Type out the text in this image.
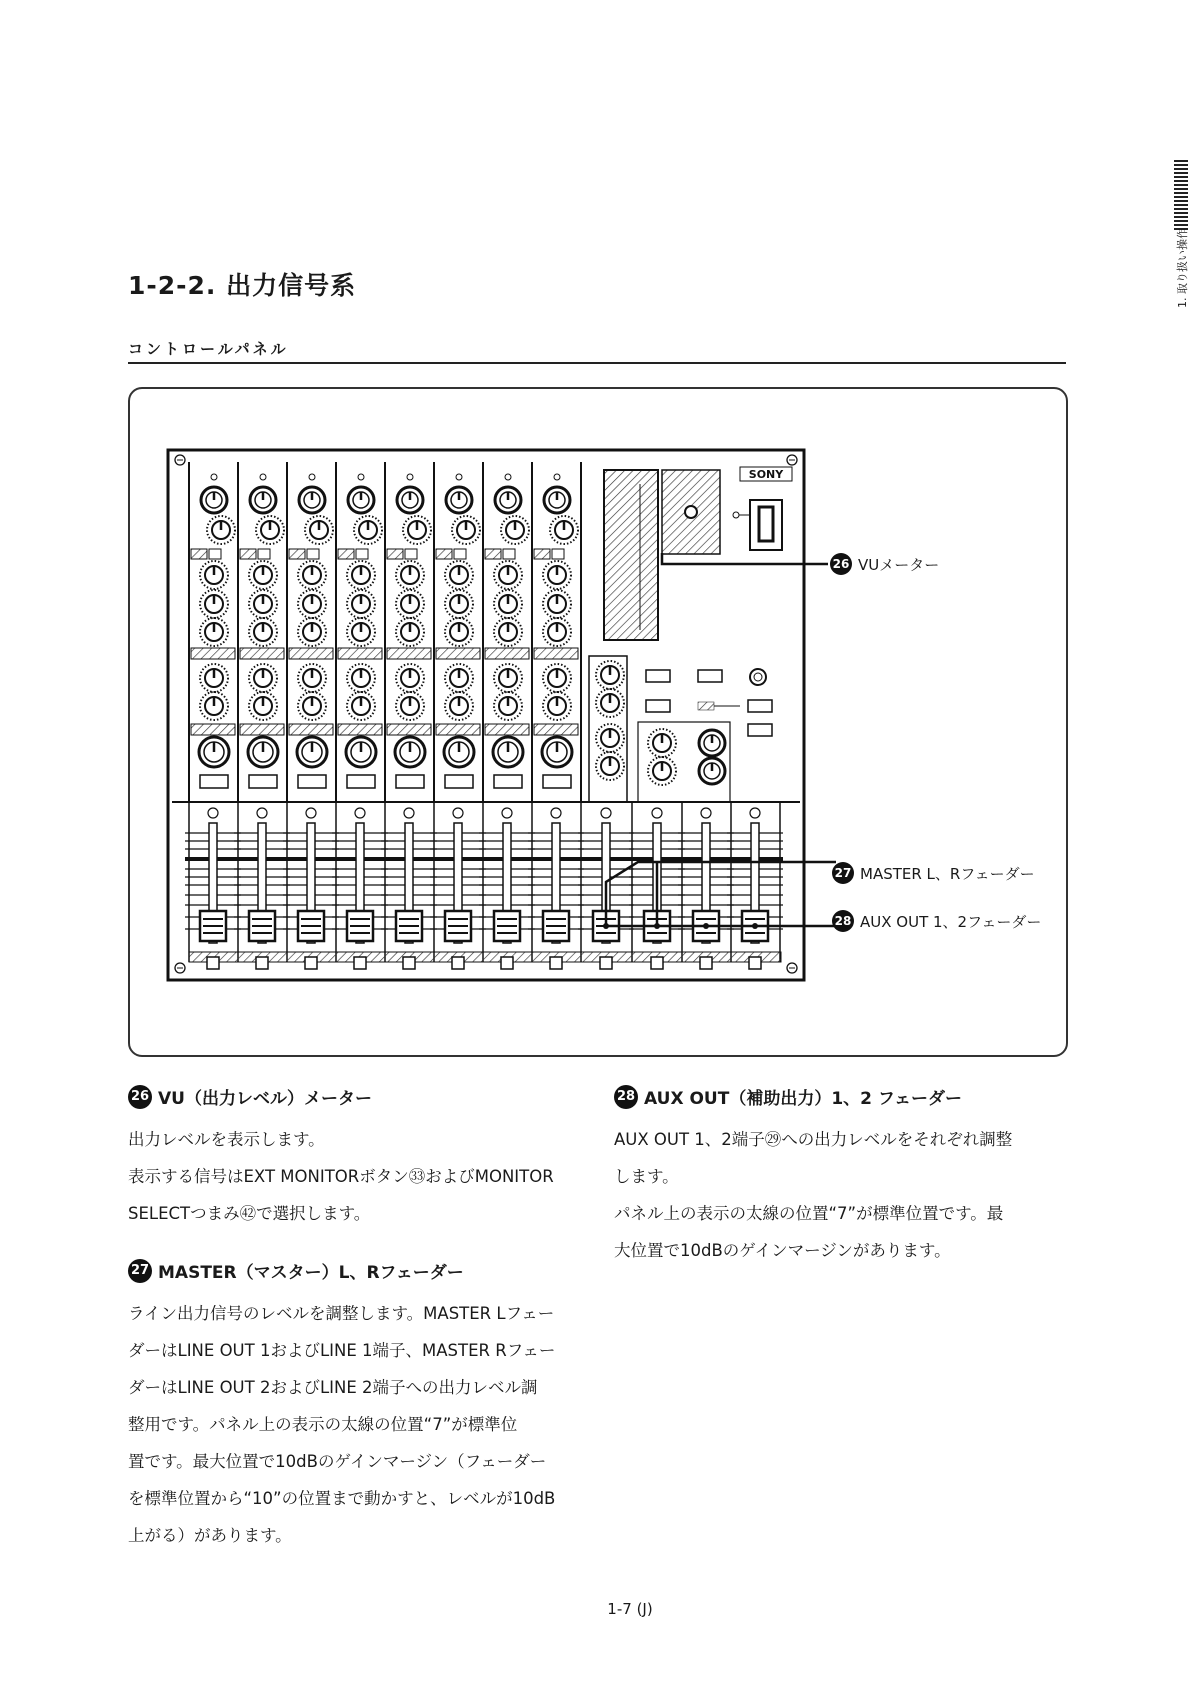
1. 取り扱い操作
1-2-2. 出力信号系
コントロールパネル
SONY
26 VUメーター
27 MASTER L、Rフェーダー
28 AUX OUT 1、2フェーダー
26 VU（出力レベル）メーター

出力レベルを表示します。

表示する信号はEXT MONITORボタン㉝およびMONITOR

SELECTつまみ㊷で選択します。

27 MASTER（マスター）L、Rフェーダー

ライン出力信号のレベルを調整します。MASTER Lフェー

ダーはLINE OUT 1およびLINE 1端子、MASTER Rフェー

ダーはLINE OUT 2およびLINE 2端子への出力レベル調

整用です。パネル上の表示の太線の位置“7”が標準位

置です。最大位置で10dBのゲインマージン（フェーダー

を標準位置から“10”の位置まで動かすと、レベルが10dB

上がる）があります。

28 AUX OUT（補助出力）1、2 フェーダー

AUX OUT 1、2端子㉙への出力レベルをそれぞれ調整

します。

パネル上の表示の太線の位置“7”が標準位置です。最

大位置で10dBのゲインマージンがあります。

1-7 (J)
